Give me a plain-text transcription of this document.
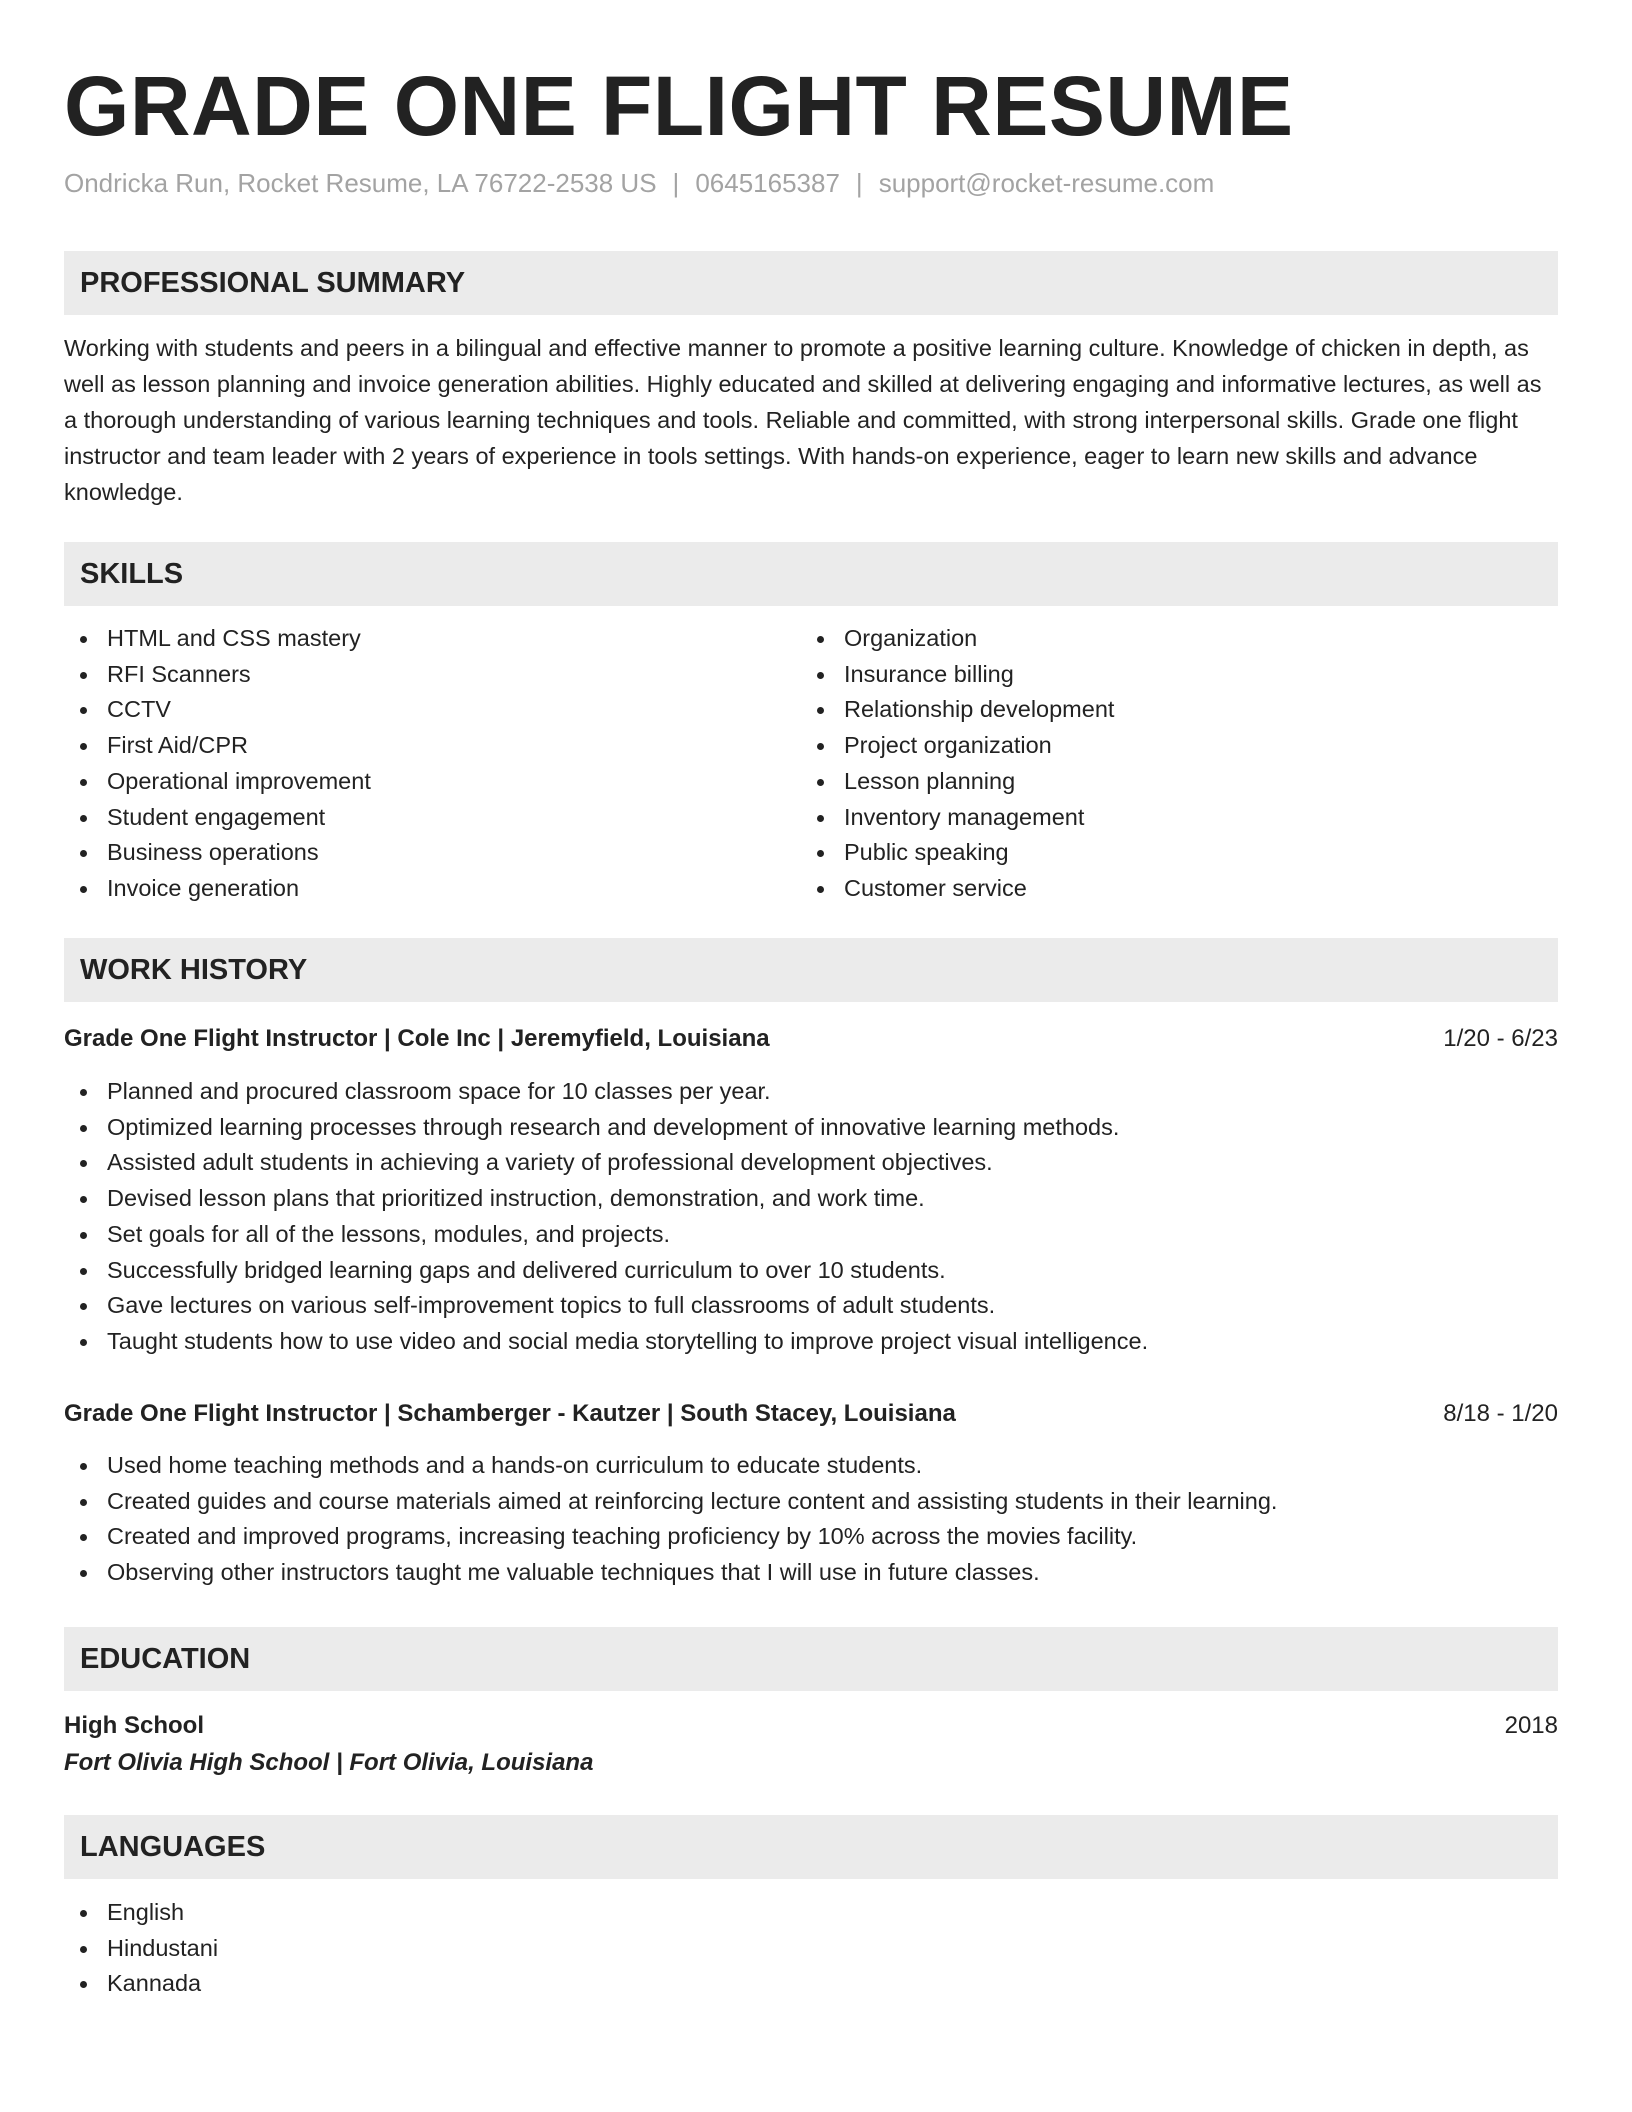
GRADE ONE FLIGHT RESUME
Ondricka Run, Rocket Resume, LA 76722-2538 US | 0645165387 | support@rocket-resume.com
PROFESSIONAL SUMMARY

Working with students and peers in a bilingual and effective manner to promote a positive learning culture. Knowledge of chicken in depth, as well as lesson planning and invoice generation abilities. Highly educated and skilled at delivering engaging and informative lectures, as well as a thorough understanding of various learning techniques and tools. Reliable and committed, with strong interpersonal skills. Grade one flight instructor and team leader with 2 years of experience in tools settings. With hands-on experience, eager to learn new skills and advance knowledge.

SKILLS
HTML and CSS mastery
RFI Scanners
CCTV
First Aid/CPR
Operational improvement
Student engagement
Business operations
Invoice generation
Organization
Insurance billing
Relationship development
Project organization
Lesson planning
Inventory management
Public speaking
Customer service
WORK HISTORY
Grade One Flight Instructor | Cole Inc | Jeremyfield, Louisiana	1/20 - 6/23
Planned and procured classroom space for 10 classes per year.
Optimized learning processes through research and development of innovative learning methods.
Assisted adult students in achieving a variety of professional development objectives.
Devised lesson plans that prioritized instruction, demonstration, and work time.
Set goals for all of the lessons, modules, and projects.
Successfully bridged learning gaps and delivered curriculum to over 10 students.
Gave lectures on various self-improvement topics to full classrooms of adult students.
Taught students how to use video and social media storytelling to improve project visual intelligence.
Grade One Flight Instructor | Schamberger - Kautzer | South Stacey, Louisiana	8/18 - 1/20
Used home teaching methods and a hands-on curriculum to educate students.
Created guides and course materials aimed at reinforcing lecture content and assisting students in their learning.
Created and improved programs, increasing teaching proficiency by 10% across the movies facility.
Observing other instructors taught me valuable techniques that I will use in future classes.
EDUCATION
High School	2018
Fort Olivia High School | Fort Olivia, Louisiana
LANGUAGES
English
Hindustani
Kannada
